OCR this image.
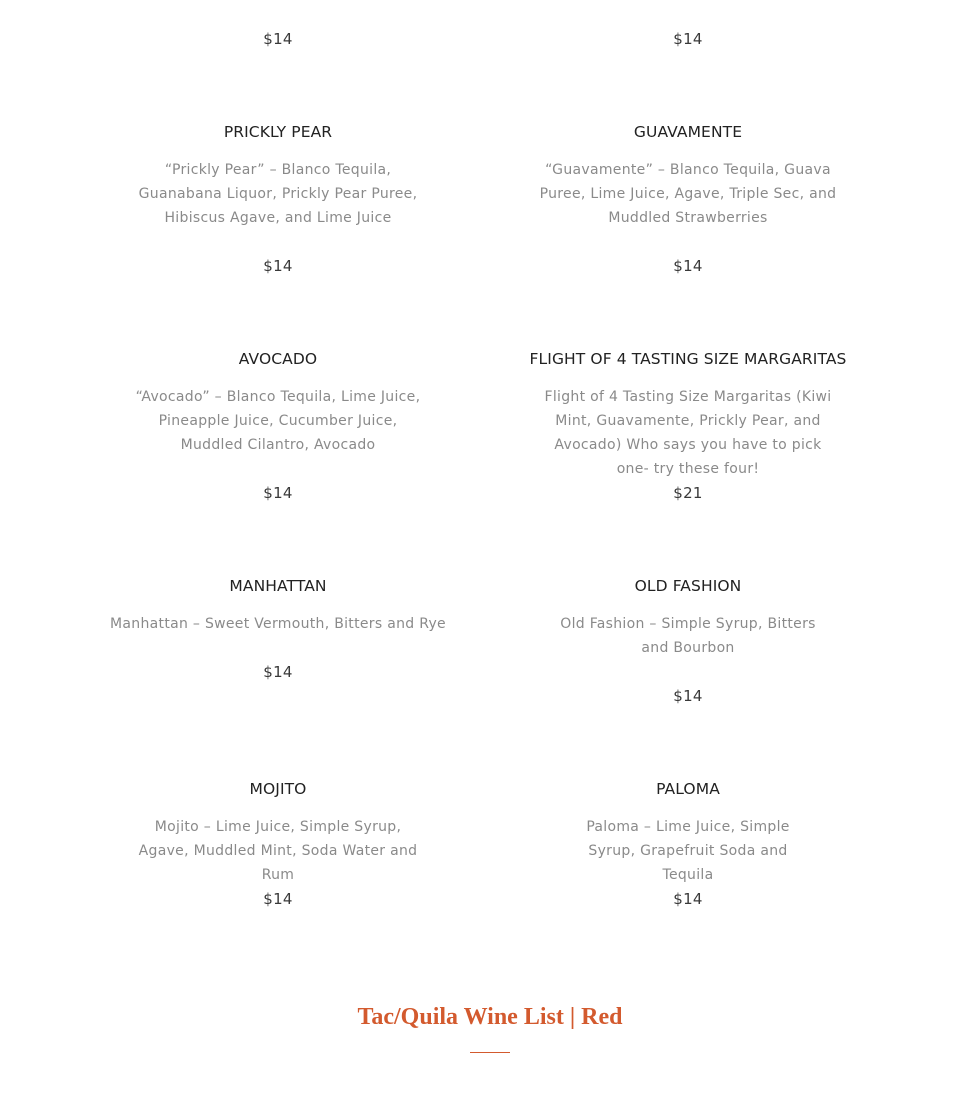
$14	$14
PRICKLY PEAR
“Prickly Pear” – Blanco Tequila, Guanabana Liquor, Prickly Pear Puree, Hibiscus Agave, and Lime Juice
$14
GUAVAMENTE
“Guavamente” – Blanco Tequila, Guava Puree, Lime Juice, Agave, Triple Sec, and Muddled Strawberries
$14
AVOCADO
“Avocado” – Blanco Tequila, Lime Juice, Pineapple Juice, Cucumber Juice, Muddled Cilantro, Avocado
$14
FLIGHT OF 4 TASTING SIZE MARGARITAS
Flight of 4 Tasting Size Margaritas (Kiwi Mint, Guavamente, Prickly Pear, and Avocado) Who says you have to pick one- try these four!
$21
MANHATTAN
Manhattan – Sweet Vermouth, Bitters and Rye
$14
OLD FASHION
Old Fashion – Simple Syrup, Bitters and Bourbon
$14
MOJITO
Mojito – Lime Juice, Simple Syrup, Agave, Muddled Mint, Soda Water and Rum
$14
PALOMA
Paloma – Lime Juice, Simple Syrup, Grapefruit Soda and Tequila
$14
Tac/Quila Wine List | Red
